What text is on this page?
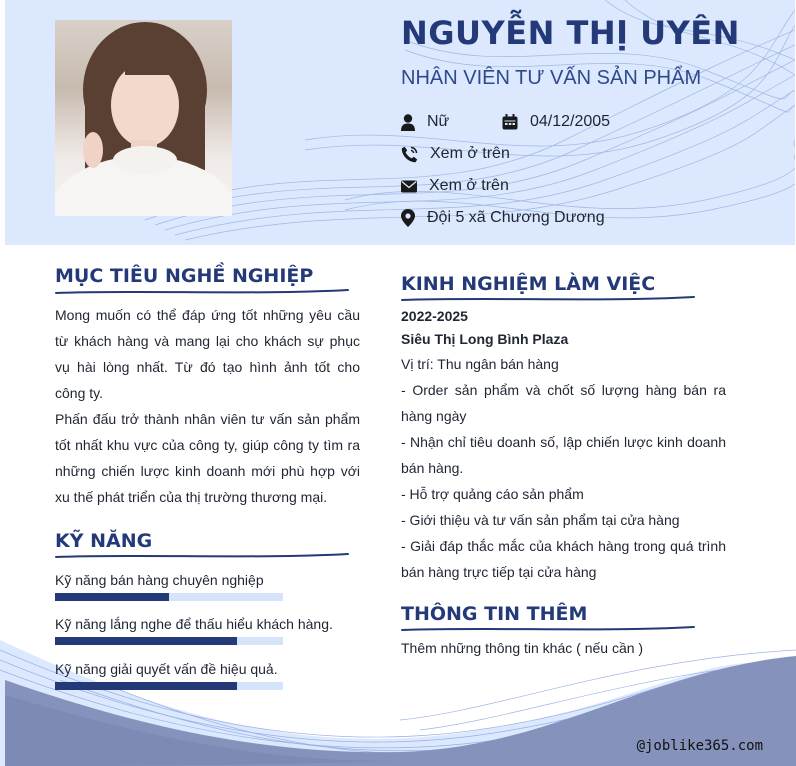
NGUYỄN THỊ UYÊN
NHÂN VIÊN TƯ VẤN SẢN PHẨM
Nữ	04/12/2005
Xem ở trên
Xem ở trên
Đội 5 xã Chương Dương
MỤC TIÊU NGHỀ NGHIỆP

Mong muốn có thể đáp ứng tốt những yêu cầu từ khách hàng và mang lại cho khách sự phục vụ hài lòng nhất. Từ đó tạo hình ảnh tốt cho công ty.

Phấn đấu trở thành nhân viên tư vấn sản phẩm tốt nhất khu vực của công ty, giúp công ty tìm ra những chiến lược kinh doanh mới phù hợp với xu thế phát triển của thị trường thương mại.

KỸ NĂNG
Kỹ năng bán hàng chuyên nghiệp
Kỹ năng lắng nghe để thấu hiểu khách hàng.
Kỹ năng giải quyết vấn đề hiệu quả.
KINH NGHIỆM LÀM VIỆC
2022-2025
Siêu Thị Long Bình Plaza

Vị trí: Thu ngân bán hàng

- Order sản phẩm và chốt số lượng hàng bán ra hàng ngày

- Nhận chỉ tiêu doanh số, lập chiến lược kinh doanh bán hàng.

- Hỗ trợ quảng cáo sản phẩm

- Giới thiệu và tư vấn sản phẩm tại cửa hàng

- Giải đáp thắc mắc của khách hàng trong quá trình bán hàng trực tiếp tại cửa hàng

THÔNG TIN THÊM
Thêm những thông tin khác ( nếu cần )
@joblike365.com
